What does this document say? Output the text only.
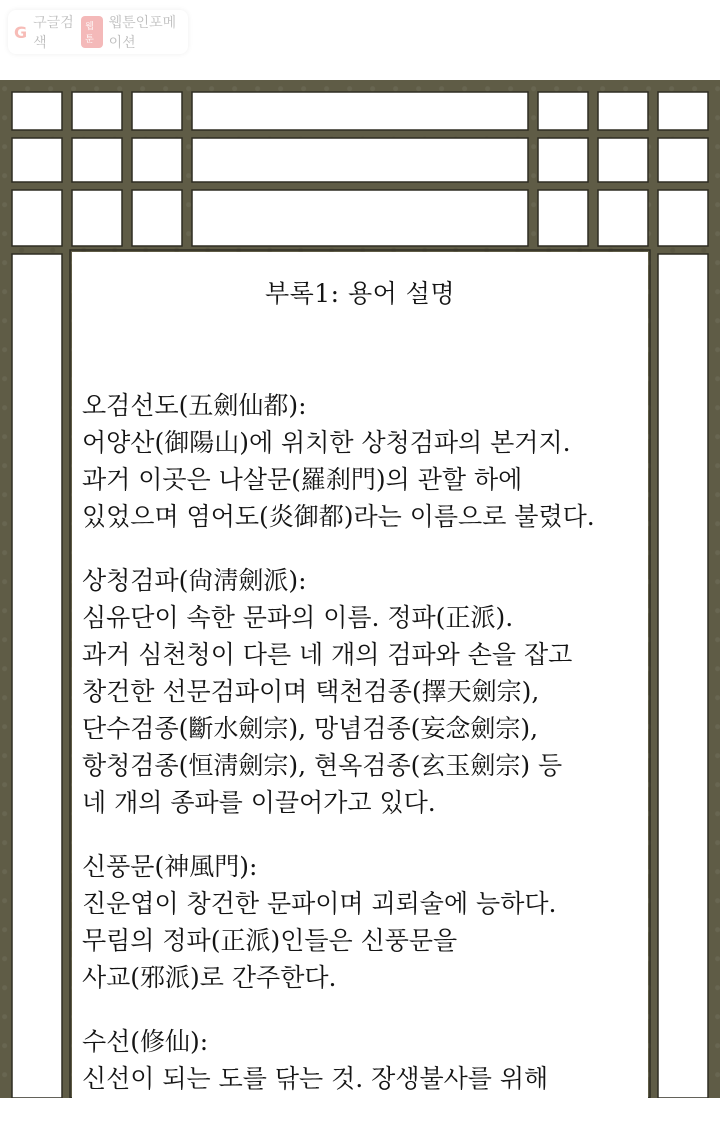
G 구글검색
웹툰
웹툰인포메이션
부록1: 용어 설명
오검선도(五劍仙都):
어양산(御陽山)에 위치한 상청검파의 본거지.
과거 이곳은 나살문(羅刹門)의 관할 하에
있었으며 염어도(炎御都)라는 이름으로 불렸다.
상청검파(尙淸劍派):
심유단이 속한 문파의 이름. 정파(正派).
과거 심천청이 다른 네 개의 검파와 손을 잡고
창건한 선문검파이며 택천검종(擇天劍宗),
단수검종(斷水劍宗), 망념검종(妄念劍宗),
항청검종(恒淸劍宗), 현옥검종(玄玉劍宗) 등
네 개의 종파를 이끌어가고 있다.
신풍문(神風門):
진운엽이 창건한 문파이며 괴뢰술에 능하다.
무림의 정파(正派)인들은 신풍문을
사교(邪派)로 간주한다.
수선(修仙):
신선이 되는 도를 닦는 것. 장생불사를 위해
